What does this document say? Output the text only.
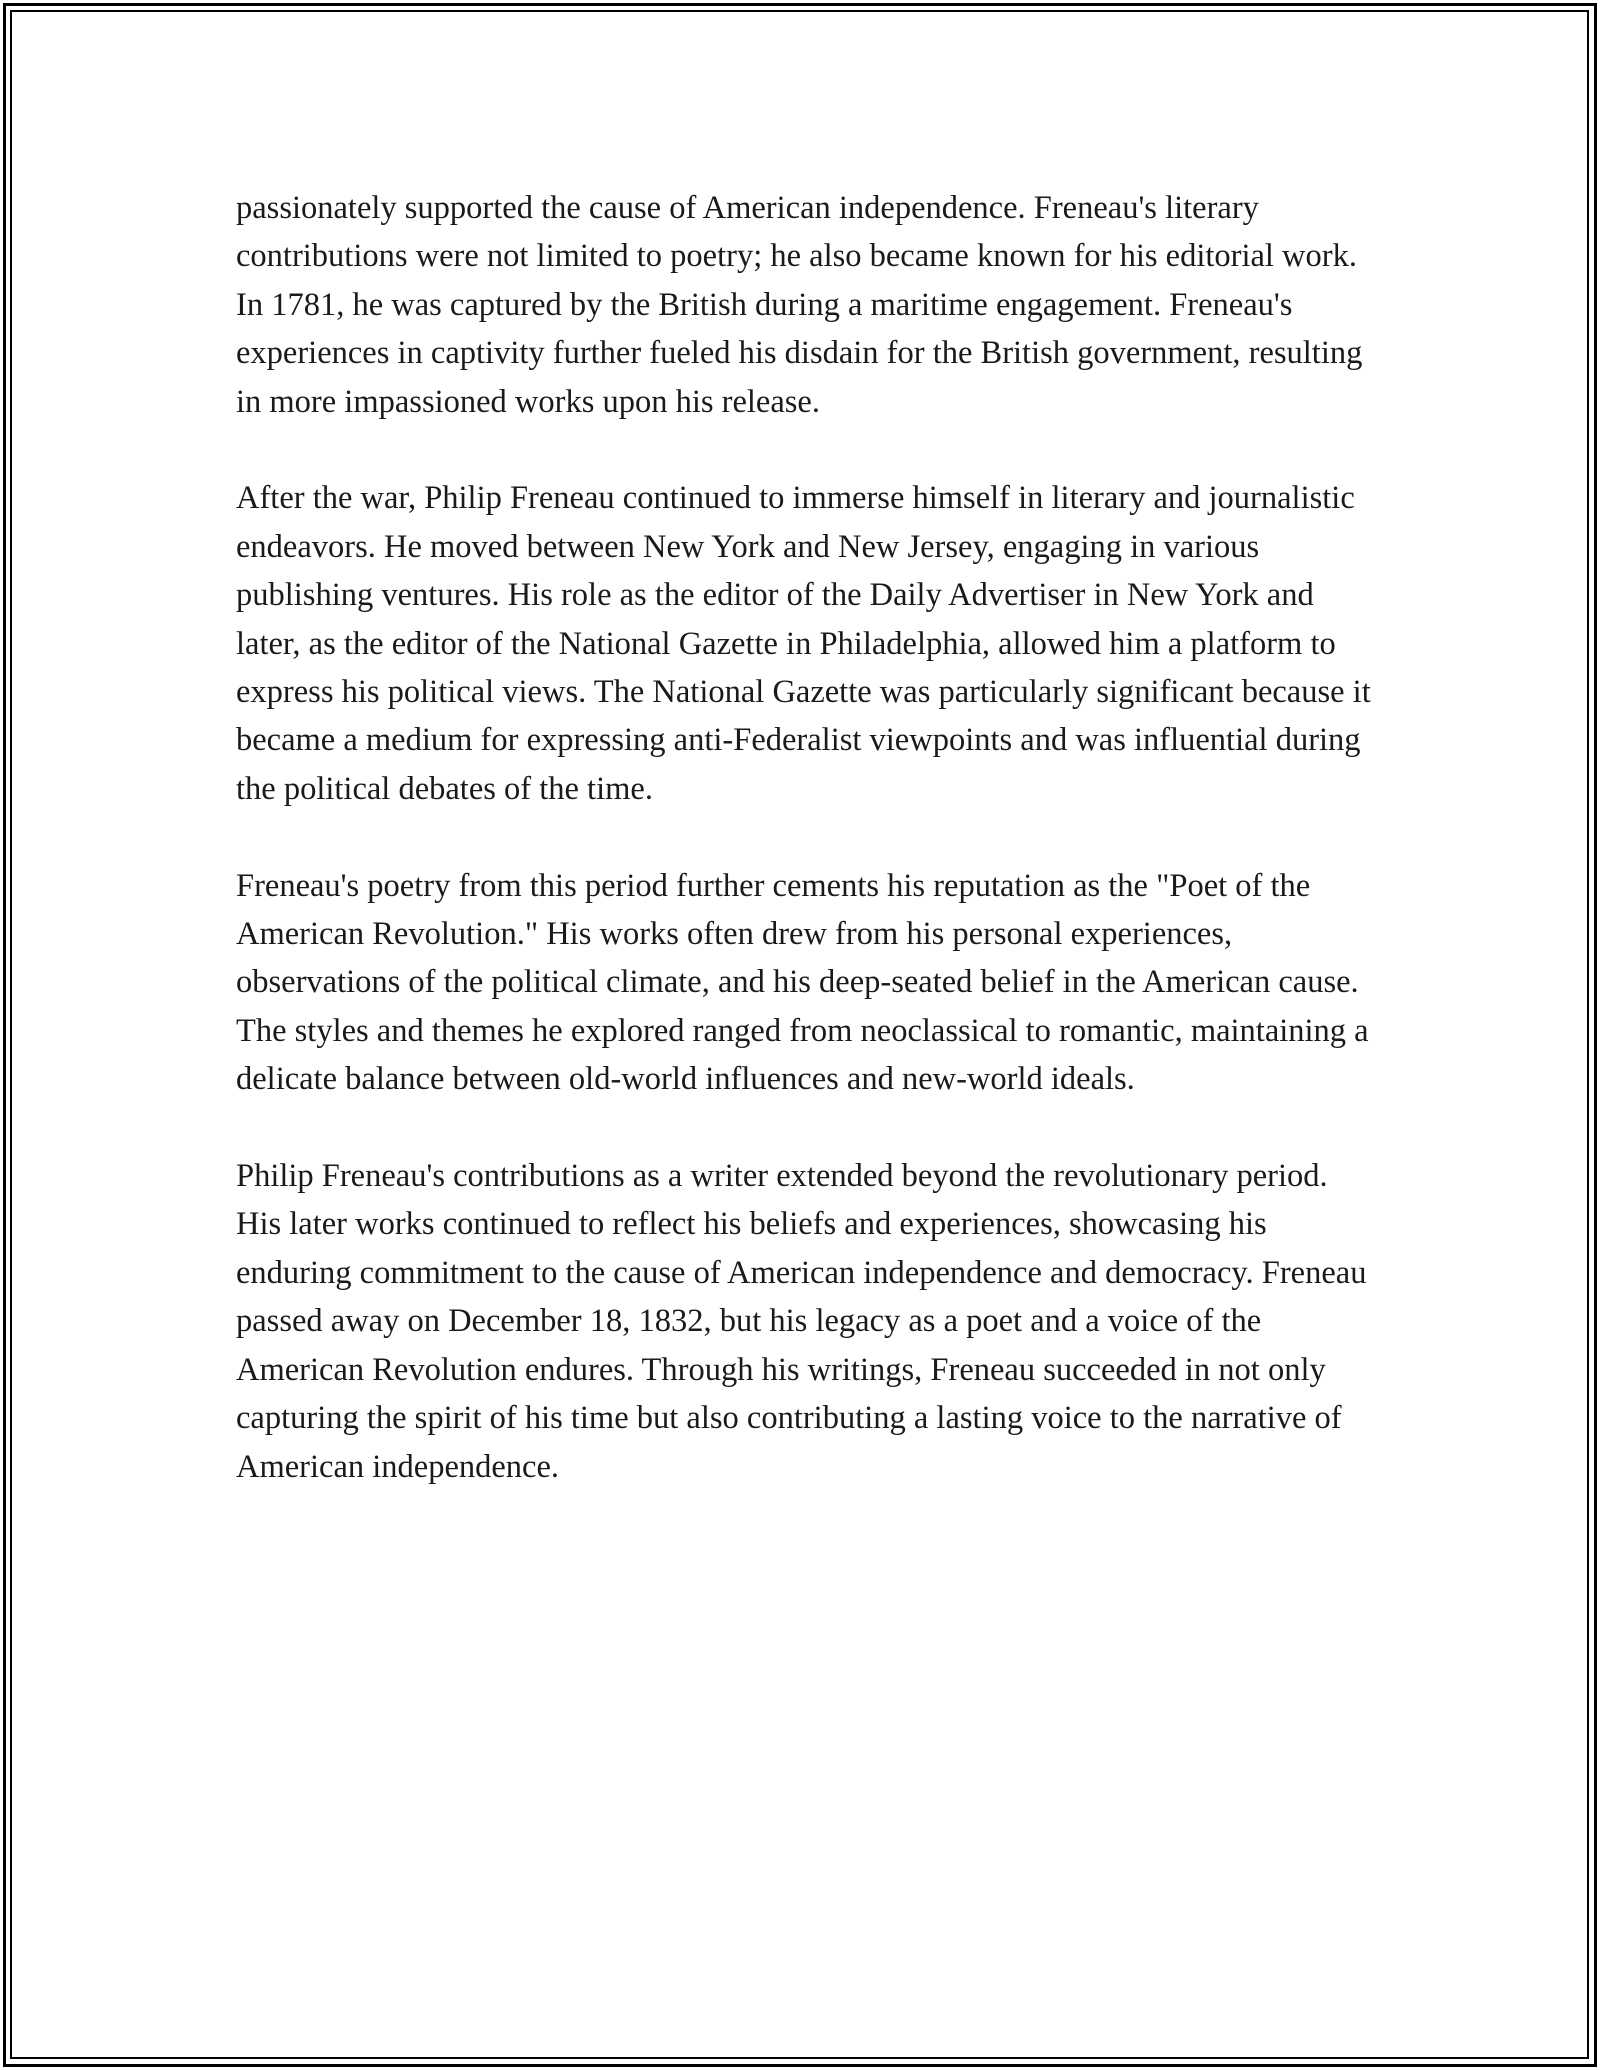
passionately supported the cause of American independence. Freneau's literary contributions were not limited to poetry; he also became known for his editorial work. In 1781, he was captured by the British during a maritime engagement. Freneau's experiences in captivity further fueled his disdain for the British government, resulting in more impassioned works upon his release.

After the war, Philip Freneau continued to immerse himself in literary and journalistic endeavors. He moved between New York and New Jersey, engaging in various publishing ventures. His role as the editor of the Daily Advertiser in New York and later, as the editor of the National Gazette in Philadelphia, allowed him a platform to express his political views. The National Gazette was particularly significant because it became a medium for expressing anti-Federalist viewpoints and was influential during the political debates of the time.

Freneau's poetry from this period further cements his reputation as the "Poet of the American Revolution." His works often drew from his personal experiences, observations of the political climate, and his deep-seated belief in the American cause. The styles and themes he explored ranged from neoclassical to romantic, maintaining a delicate balance between old-world influences and new-world ideals.

Philip Freneau's contributions as a writer extended beyond the revolutionary period. His later works continued to reflect his beliefs and experiences, showcasing his enduring commitment to the cause of American independence and democracy. Freneau passed away on December 18, 1832, but his legacy as a poet and a voice of the American Revolution endures. Through his writings, Freneau succeeded in not only capturing the spirit of his time but also contributing a lasting voice to the narrative of American independence.
